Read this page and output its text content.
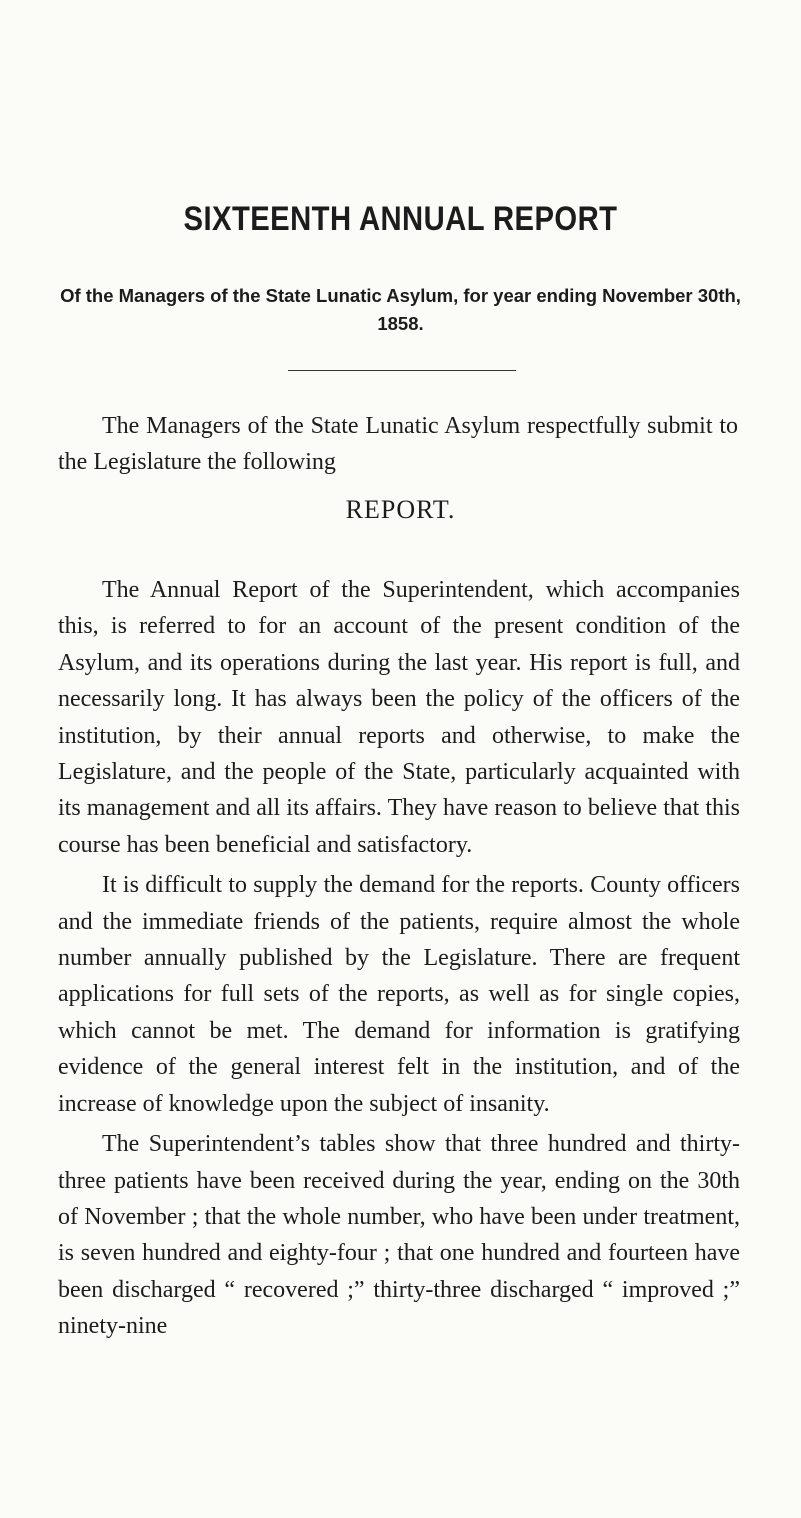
SIXTEENTH ANNUAL REPORT
Of the Managers of the State Lunatic Asylum, for year ending November 30th, 1858.
The Managers of the State Lunatic Asylum respectfully submit to the Legislature the following
REPORT.

The Annual Report of the Superintendent, which accompanies this, is referred to for an account of the present condition of the Asylum, and its operations during the last year. His report is full, and necessarily long. It has always been the policy of the officers of the institution, by their annual reports and otherwise, to make the Legislature, and the people of the State, particularly acquainted with its management and all its affairs. They have reason to believe that this course has been beneficial and satisfactory.

It is difficult to supply the demand for the reports. County officers and the immediate friends of the patients, require almost the whole number annually published by the Legislature. There are frequent applications for full sets of the reports, as well as for single copies, which cannot be met. The demand for information is gratifying evidence of the general interest felt in the institution, and of the increase of knowledge upon the subject of insanity.

The Superintendent’s tables show that three hundred and thirty-three patients have been received during the year, ending on the 30th of November ; that the whole number, who have been under treatment, is seven hundred and eighty-four ; that one hundred and fourteen have been discharged “ recovered ;” thirty-three discharged “ improved ;” ninety-nine
